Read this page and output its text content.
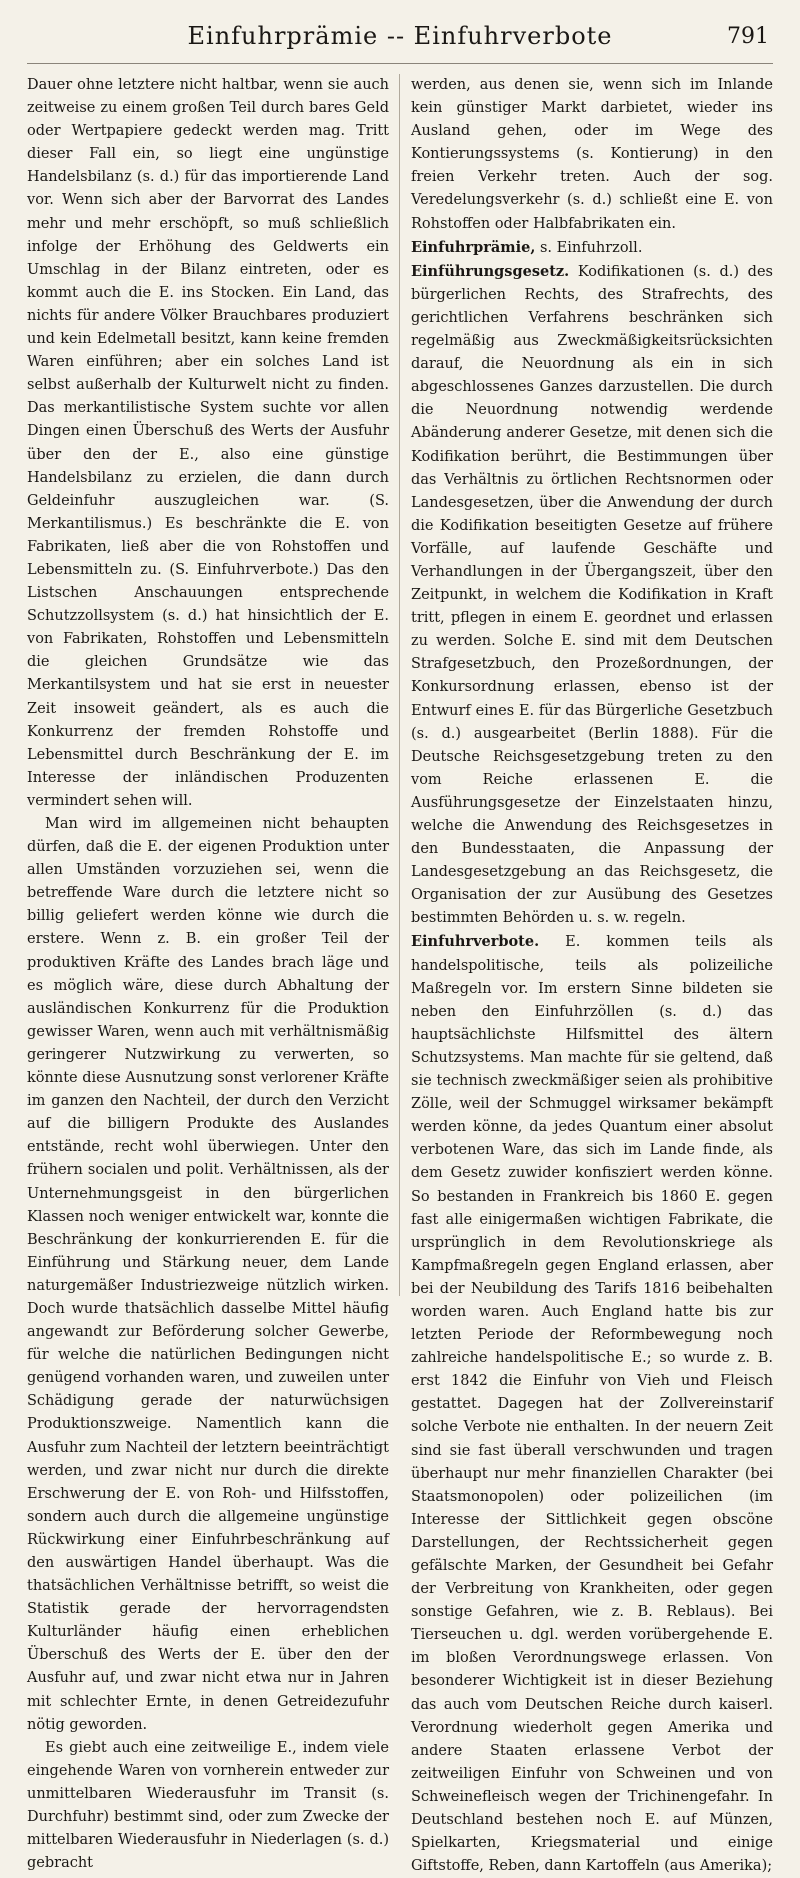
Einfuhrprämie -- Einfuhrverbote	791

Dauer ohne letztere nicht haltbar, wenn sie auch zeitweise zu einem großen Teil durch bares Geld oder Wertpapiere gedeckt werden mag. Tritt dieser Fall ein, so liegt eine ungünstige Handelsbilanz (s. d.) für das importierende Land vor. Wenn sich aber der Barvorrat des Landes mehr und mehr erschöpft, so muß schließlich infolge der Erhöhung des Geldwerts ein Umschlag in der Bilanz eintreten, oder es kommt auch die E. ins Stocken. Ein Land, das nichts für andere Völker Brauchbares produziert und kein Edelmetall besitzt, kann keine fremden Waren einführen; aber ein solches Land ist selbst außerhalb der Kulturwelt nicht zu finden. Das merkantilistische System suchte vor allen Dingen einen Überschuß des Werts der Ausfuhr über den der E., also eine günstige Handelsbilanz zu erzielen, die dann durch Geldeinfuhr auszugleichen war. (S. Merkantilismus.) Es beschränkte die E. von Fabrikaten, ließ aber die von Rohstoffen und Lebensmitteln zu. (S. Einfuhrverbote.) Das den Listschen Anschauungen entsprechende Schutzzollsystem (s. d.) hat hinsichtlich der E. von Fabrikaten, Rohstoffen und Lebensmitteln die gleichen Grundsätze wie das Merkantilsystem und hat sie erst in neuester Zeit insoweit geändert, als es auch die Konkurrenz der fremden Rohstoffe und Lebensmittel durch Beschränkung der E. im Interesse der inländischen Produzenten vermindert sehen will.

Man wird im allgemeinen nicht behaupten dürfen, daß die E. der eigenen Produktion unter allen Umständen vorzuziehen sei, wenn die betreffende Ware durch die letztere nicht so billig geliefert werden könne wie durch die erstere. Wenn z. B. ein großer Teil der produktiven Kräfte des Landes brach läge und es möglich wäre, diese durch Abhaltung der ausländischen Konkurrenz für die Produktion gewisser Waren, wenn auch mit verhältnismäßig geringerer Nutzwirkung zu verwerten, so könnte diese Ausnutzung sonst verlorener Kräfte im ganzen den Nachteil, der durch den Verzicht auf die billigern Produkte des Auslandes entstände, recht wohl überwiegen. Unter den frühern socialen und polit. Verhältnissen, als der Unternehmungsgeist in den bürgerlichen Klassen noch weniger entwickelt war, konnte die Beschränkung der konkurrierenden E. für die Einführung und Stärkung neuer, dem Lande naturgemäßer Industriezweige nützlich wirken. Doch wurde thatsächlich dasselbe Mittel häufig angewandt zur Beförderung solcher Gewerbe, für welche die natürlichen Bedingungen nicht genügend vorhanden waren, und zuweilen unter Schädigung gerade der naturwüchsigen Produktionszweige. Namentlich kann die Ausfuhr zum Nachteil der letztern beeinträchtigt werden, und zwar nicht nur durch die direkte Erschwerung der E. von Roh- und Hilfsstoffen, sondern auch durch die allgemeine ungünstige Rückwirkung einer Einfuhrbeschränkung auf den auswärtigen Handel überhaupt. Was die thatsächlichen Verhältnisse betrifft, so weist die Statistik gerade der hervorragendsten Kulturländer häufig einen erheblichen Überschuß des Werts der E. über den der Ausfuhr auf, und zwar nicht etwa nur in Jahren mit schlechter Ernte, in denen Getreidezufuhr nötig geworden.

Es giebt auch eine zeitweilige E., indem viele eingehende Waren von vornherein entweder zur unmittelbaren Wiederausfuhr im Transit (s. Durchfuhr) bestimmt sind, oder zum Zwecke der mittelbaren Wiederausfuhr in Niederlagen (s. d.) gebracht

werden, aus denen sie, wenn sich im Inlande kein günstiger Markt darbietet, wieder ins Ausland gehen, oder im Wege des Kontierungssystems (s. Kontierung) in den freien Verkehr treten. Auch der sog. Veredelungsverkehr (s. d.) schließt eine E. von Rohstoffen oder Halbfabrikaten ein.

Einfuhrprämie, s. Einfuhrzoll.

Einführungsgesetz. Kodifikationen (s. d.) des bürgerlichen Rechts, des Strafrechts, des gerichtlichen Verfahrens beschränken sich regelmäßig aus Zweckmäßigkeitsrücksichten darauf, die Neuordnung als ein in sich abgeschlossenes Ganzes darzustellen. Die durch die Neuordnung notwendig werdende Abänderung anderer Gesetze, mit denen sich die Kodifikation berührt, die Bestimmungen über das Verhältnis zu örtlichen Rechtsnormen oder Landesgesetzen, über die Anwendung der durch die Kodifikation beseitigten Gesetze auf frühere Vorfälle, auf laufende Geschäfte und Verhandlungen in der Übergangszeit, über den Zeitpunkt, in welchem die Kodifikation in Kraft tritt, pflegen in einem E. geordnet und erlassen zu werden. Solche E. sind mit dem Deutschen Strafgesetzbuch, den Prozeßordnungen, der Konkursordnung erlassen, ebenso ist der Entwurf eines E. für das Bürgerliche Gesetzbuch (s. d.) ausgearbeitet (Berlin 1888). Für die Deutsche Reichsgesetzgebung treten zu den vom Reiche erlassenen E. die Ausführungsgesetze der Einzelstaaten hinzu, welche die Anwendung des Reichsgesetzes in den Bundesstaaten, die Anpassung der Landesgesetzgebung an das Reichsgesetz, die Organisation der zur Ausübung des Gesetzes bestimmten Behörden u. s. w. regeln.

Einfuhrverbote. E. kommen teils als handelspolitische, teils als polizeiliche Maßregeln vor. Im erstern Sinne bildeten sie neben den Einfuhrzöllen (s. d.) das hauptsächlichste Hilfsmittel des ältern Schutzsystems. Man machte für sie geltend, daß sie technisch zweckmäßiger seien als prohibitive Zölle, weil der Schmuggel wirksamer bekämpft werden könne, da jedes Quantum einer absolut verbotenen Ware, das sich im Lande finde, als dem Gesetz zuwider konfisziert werden könne. So bestanden in Frankreich bis 1860 E. gegen fast alle einigermaßen wichtigen Fabrikate, die ursprünglich in dem Revolutionskriege als Kampfmaßregeln gegen England erlassen, aber bei der Neubildung des Tarifs 1816 beibehalten worden waren. Auch England hatte bis zur letzten Periode der Reformbewegung noch zahlreiche handelspolitische E.; so wurde z. B. erst 1842 die Einfuhr von Vieh und Fleisch gestattet. Dagegen hat der Zollvereinstarif solche Verbote nie enthalten. In der neuern Zeit sind sie fast überall verschwunden und tragen überhaupt nur mehr finanziellen Charakter (bei Staatsmonopolen) oder polizeilichen (im Interesse der Sittlichkeit gegen obscöne Darstellungen, der Rechtssicherheit gegen gefälschte Marken, der Gesundheit bei Gefahr der Verbreitung von Krankheiten, oder gegen sonstige Gefahren, wie z. B. Reblaus). Bei Tierseuchen u. dgl. werden vorübergehende E. im bloßen Verordnungswege erlassen. Von besonderer Wichtigkeit ist in dieser Beziehung das auch vom Deutschen Reiche durch kaiserl. Verordnung wiederholt gegen Amerika und andere Staaten erlassene Verbot der zeitweiligen Einfuhr von Schweinen und von Schweinefleisch wegen der Trichinengefahr. In Deutschland bestehen noch E. auf Münzen, Spielkarten, Kriegsmaterial und einige Giftstoffe, Reben, dann Kartoffeln (aus Amerika);
